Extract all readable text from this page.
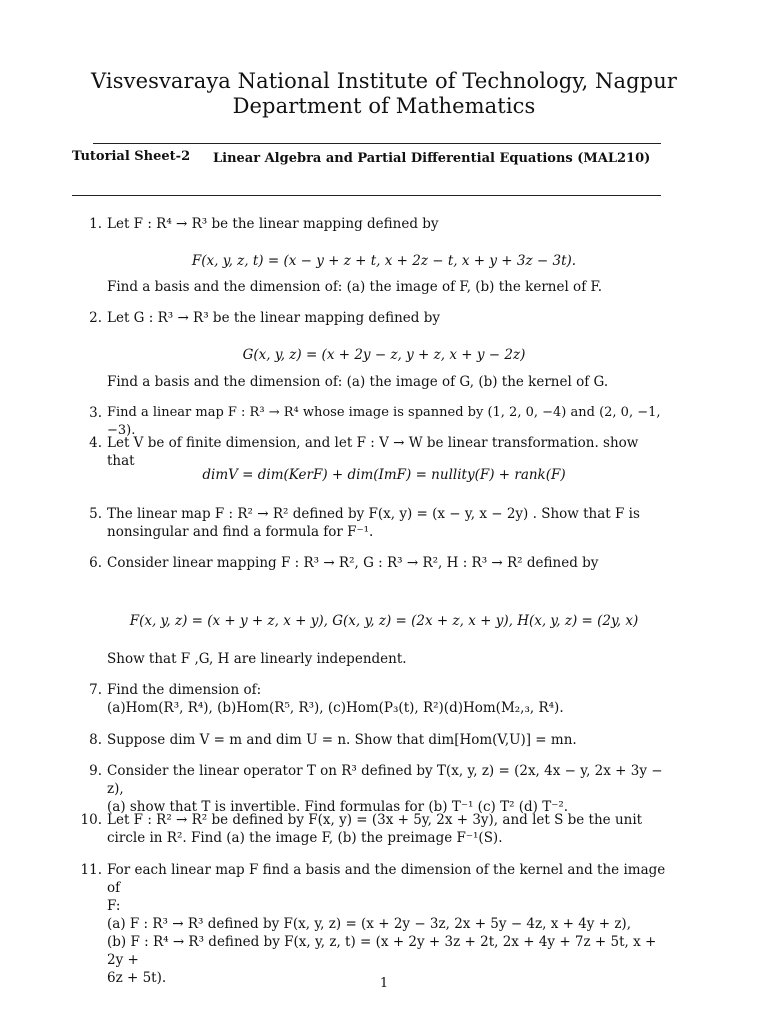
Visvesvaraya National Institute of Technology, Nagpur
Department of Mathematics
Tutorial Sheet-2 Linear Algebra and Partial Differential Equations (MAL210)
1. Let F : R⁴ → R³ be the linear mapping defined by
F(x, y, z, t) = (x − y + z + t, x + 2z − t, x + y + 3z − 3t).
Find a basis and the dimension of: (a) the image of F, (b) the kernel of F.
2. Let G : R³ → R³ be the linear mapping defined by
G(x, y, z) = (x + 2y − z, y + z, x + y − 2z)
Find a basis and the dimension of: (a) the image of G, (b) the kernel of G.
3. Find a linear map F : R³ → R⁴ whose image is spanned by (1, 2, 0, −4) and (2, 0, −1, −3).
4. Let V be of finite dimension, and let F : V → W be linear transformation. show that
dimV = dim(KerF) + dim(ImF) = nullity(F) + rank(F)
5. The linear map F : R² → R² defined by F(x, y) = (x − y, x − 2y) . Show that F is
nonsingular and find a formula for F⁻¹.
6. Consider linear mapping F : R³ → R², G : R³ → R², H : R³ → R² defined by
F(x, y, z) = (x + y + z, x + y), G(x, y, z) = (2x + z, x + y), H(x, y, z) = (2y, x)
Show that F ,G, H are linearly independent.
7. Find the dimension of:
(a)Hom(R³, R⁴), (b)Hom(R⁵, R³), (c)Hom(P₃(t), R²)(d)Hom(M₂,₃, R⁴).
8. Suppose dim V = m and dim U = n. Show that dim[Hom(V,U)] = mn.
9. Consider the linear operator T on R³ defined by T(x, y, z) = (2x, 4x − y, 2x + 3y − z),
(a) show that T is invertible. Find formulas for (b) T⁻¹ (c) T² (d) T⁻².
10. Let F : R² → R² be defined by F(x, y) = (3x + 5y, 2x + 3y), and let S be the unit
circle in R². Find (a) the image F, (b) the preimage F⁻¹(S).
11. For each linear map F find a basis and the dimension of the kernel and the image of
F:
(a) F : R³ → R³ defined by F(x, y, z) = (x + 2y − 3z, 2x + 5y − 4z, x + 4y + z),
(b) F : R⁴ → R³ defined by F(x, y, z, t) = (x + 2y + 3z + 2t, 2x + 4y + 7z + 5t, x + 2y +
6z + 5t).	1
